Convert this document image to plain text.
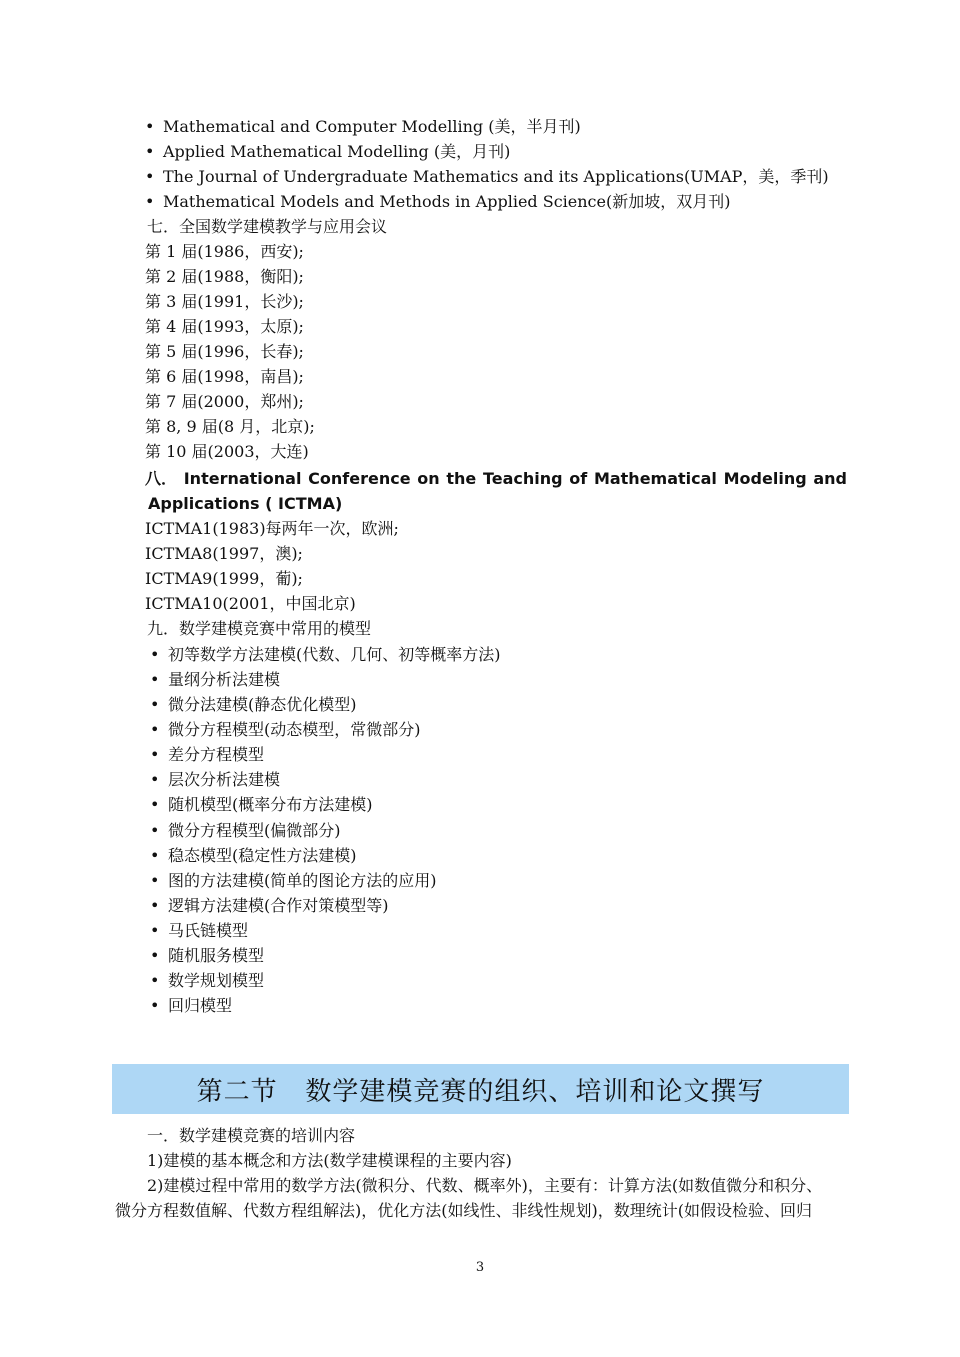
• Mathematical and Computer Modelling (美，半月刊)
• Applied Mathematical Modelling (美，月刊)
• The Journal of Undergraduate Mathematics and its Applications(UMAP，美，季刊)
• Mathematical Models and Methods in Applied Science(新加坡，双月刊)
七．全国数学建模教学与应用会议
第 1 届(1986，西安);
第 2 届(1988，衡阳);
第 3 届(1991，长沙);
第 4 届(1993，太原);
第 5 届(1996，长春);
第 6 届(1998，南昌);
第 7 届(2000，郑州);
第 8, 9 届(8 月，北京);
第 10 届(2003，大连)
八． International Conference on the Teaching of Mathematical Modeling and
Applications ( ICTMA)
ICTMA1(1983)每两年一次，欧洲;
ICTMA8(1997，澳);
ICTMA9(1999，葡);
ICTMA10(2001，中国北京)
九．数学建模竞赛中常用的模型
• 初等数学方法建模(代数、几何、初等概率方法)
• 量纲分析法建模
• 微分法建模(静态优化模型)
• 微分方程模型(动态模型，常微部分)
• 差分方程模型
• 层次分析法建模
• 随机模型(概率分布方法建模)
• 微分方程模型(偏微部分)
• 稳态模型(稳定性方法建模)
• 图的方法建模(简单的图论方法的应用)
• 逻辑方法建模(合作对策模型等)
• 马氏链模型
• 随机服务模型
• 数学规划模型
• 回归模型
第二节   数学建模竞赛的组织、培训和论文撰写
一．数学建模竞赛的培训内容
1)建模的基本概念和方法(数学建模课程的主要内容)
2)建模过程中常用的数学方法(微积分、代数、概率外)，主要有：计算方法(如数值微分和积分、
微分方程数值解、代数方程组解法)，优化方法(如线性、非线性规划)，数理统计(如假设检验、回归
3
